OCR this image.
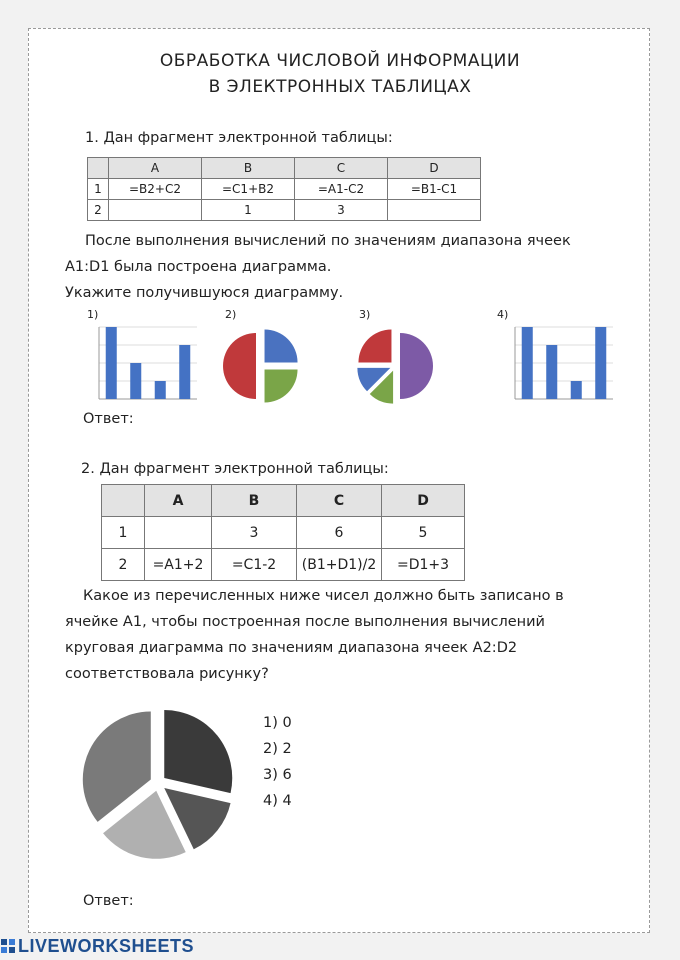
ОБРАБОТКА ЧИСЛОВОЙ ИНФОРМАЦИИ
В ЭЛЕКТРОННЫХ ТАБЛИЦАХ
1. Дан фрагмент электронной таблицы:
	A	B	C	D
1	=B2+C2	=C1+B2	=A1-C2	=B1-C1
2		1	3	
После выполнения вычислений по значениям диапазона ячеек
A1:D1 была построена диаграмма.
Укажите получившуюся диаграмму.
1)	2)	3)	4)
Ответ:
2. Дан фрагмент электронной таблицы:
	A	B	C	D
1		3	6	5
2	=A1+2	=C1-2	(B1+D1)/2	=D1+3
Какое из перечисленных ниже чисел должно быть записано в
ячейке A1, чтобы построенная после выполнения вычислений
круговая диаграмма по значениям диапазона ячеек A2:D2
соответствовала рисунку?
1) 0
2) 2
3) 6
4) 4
Ответ:
LIVEWORKSHEETS
